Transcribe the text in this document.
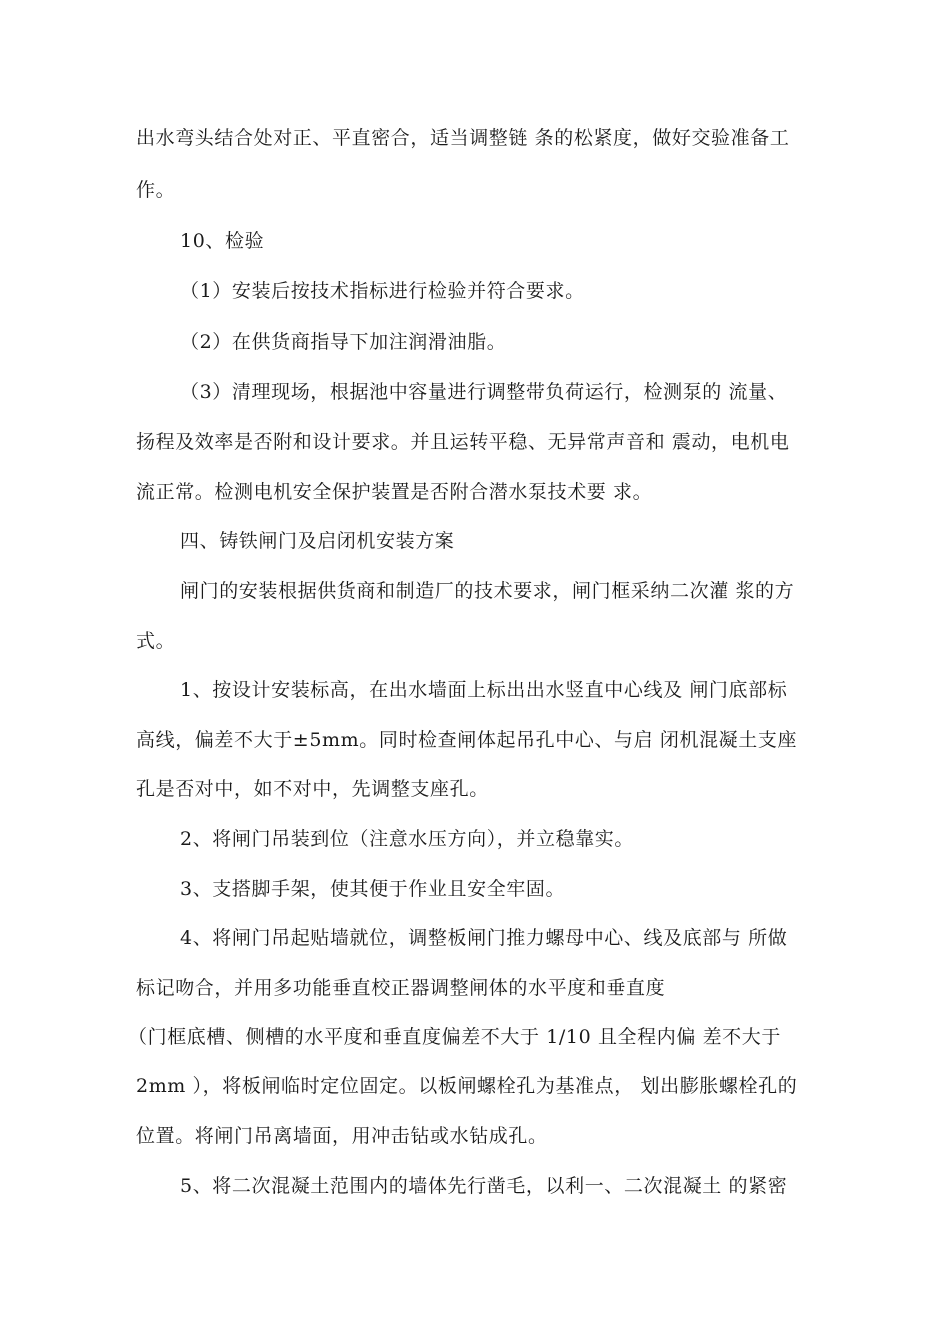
出水弯头结合处对正、平直密合，适当调整链 条的松紧度，做好交验准备工
作。
10、检验
（1）安装后按技术指标进行检验并符合要求。
（2）在供货商指导下加注润滑油脂。
（3）清理现场，根据池中容量进行调整带负荷运行，检测泵的 流量、
扬程及效率是否附和设计要求。并且运转平稳、无异常声音和 震动，电机电
流正常。检测电机安全保护装置是否附合潜水泵技术要 求。
四、铸铁闸门及启闭机安装方案
闸门的安装根据供货商和制造厂的技术要求，闸门框采纳二次灌 浆的方
式。
1、按设计安装标高，在出水墙面上标出出水竖直中心线及 闸门底部标
高线，偏差不大于±5mm。同时检查闸体起吊孔中心、与启 闭机混凝土支座
孔是否对中，如不对中，先调整支座孔。
2、将闸门吊装到位（注意水压方向），并立稳靠实。
3、支搭脚手架，使其便于作业且安全牢固。
4、将闸门吊起贴墙就位，调整板闸门推力螺母中心、线及底部与 所做
标记吻合，并用多功能垂直校正器调整闸体的水平度和垂直度
（门框底槽、侧槽的水平度和垂直度偏差不大于 1/10 且全程内偏 差不大于
2mm ），将板闸临时定位固定。以板闸螺栓孔为基准点， 划出膨胀螺栓孔的
位置。将闸门吊离墙面，用冲击钻或水钻成孔。
5、将二次混凝土范围内的墙体先行凿毛，以利一、二次混凝土 的紧密
